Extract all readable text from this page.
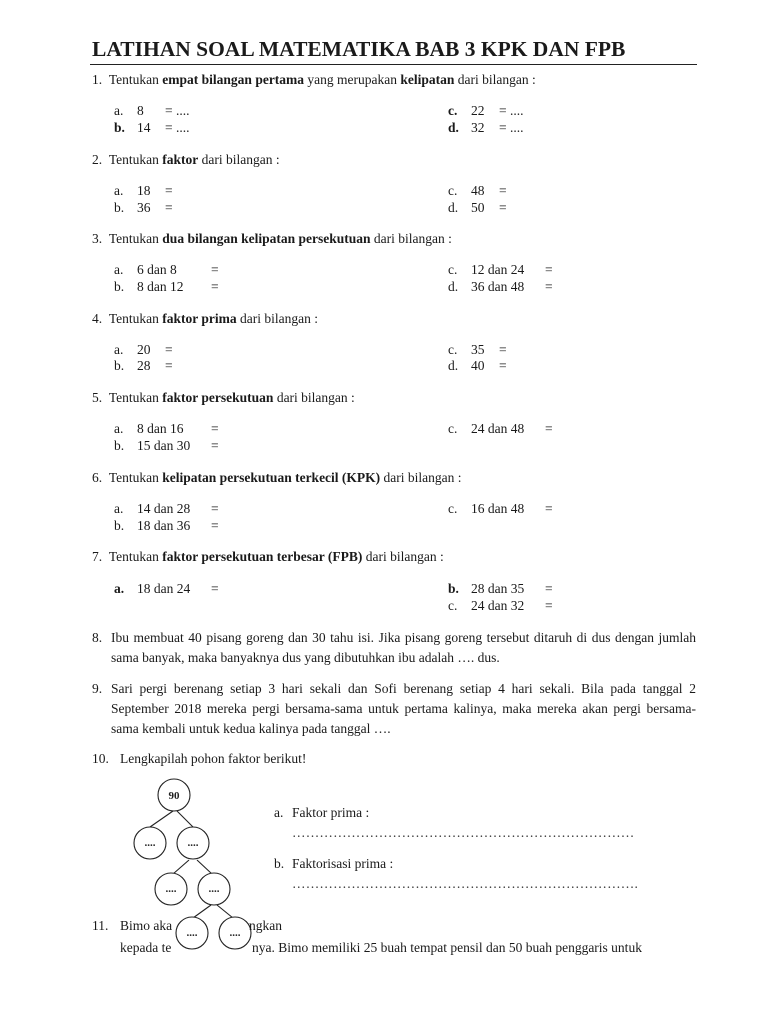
LATIHAN SOAL MATEMATIKA BAB 3 KPK DAN FPB
1. Tentukan empat bilangan pertama yang merupakan kelipatan dari bilangan :
a. 8 = ....
b. 14 = ....
c. 22 = ....
d. 32 = ....
2. Tentukan faktor dari bilangan :
a. 18 =
b. 36 =
c. 48 =
d. 50 =
3. Tentukan dua bilangan kelipatan persekutuan dari bilangan :
a. 6 dan 8	=
b. 8 dan 12 =
c. 12 dan 24 =
d. 36 dan 48 =
4. Tentukan faktor prima dari bilangan :
a. 20 =
b. 28 =
c. 35 =
d. 40 =
5. Tentukan faktor persekutuan dari bilangan :
a. 8 dan 16 =
b. 15 dan 30 =
c. 24 dan 48 =
6. Tentukan kelipatan persekutuan terkecil (KPK) dari bilangan :
a. 14 dan 28 =
b. 18 dan 36 =
c. 16 dan 48 =
7. Tentukan faktor persekutuan terbesar (FPB) dari bilangan :
a. 18 dan 24 =	b. 28 dan 35 =
c. 24 dan 32 =
8. Ibu membuat 40 pisang goreng dan 30 tahu isi. Jika pisang goreng tersebut ditaruh di dus dengan jumlah sama banyak, maka banyaknya dus yang dibutuhkan ibu adalah …. dus.
9. Sari pergi berenang setiap 3 hari sekali dan Sofi berenang setiap 4 hari sekali. Bila pada tanggal 2 September 2018 mereka pergi bersama-sama untuk pertama kalinya, maka mereka akan pergi bersama-sama kembali untuk kedua kalinya pada tanggal ….
10. Lengkapilah pohon faktor berikut!
90
....	....
....	....
....	....
a. Faktor prima :
…………………………………………………………………
b. Faktorisasi prima :
………………………………………………………………….
11. Bimo aka	ngkan
kepada te	nya. Bimo memiliki 25 buah tempat pensil dan 50 buah penggaris untuk
